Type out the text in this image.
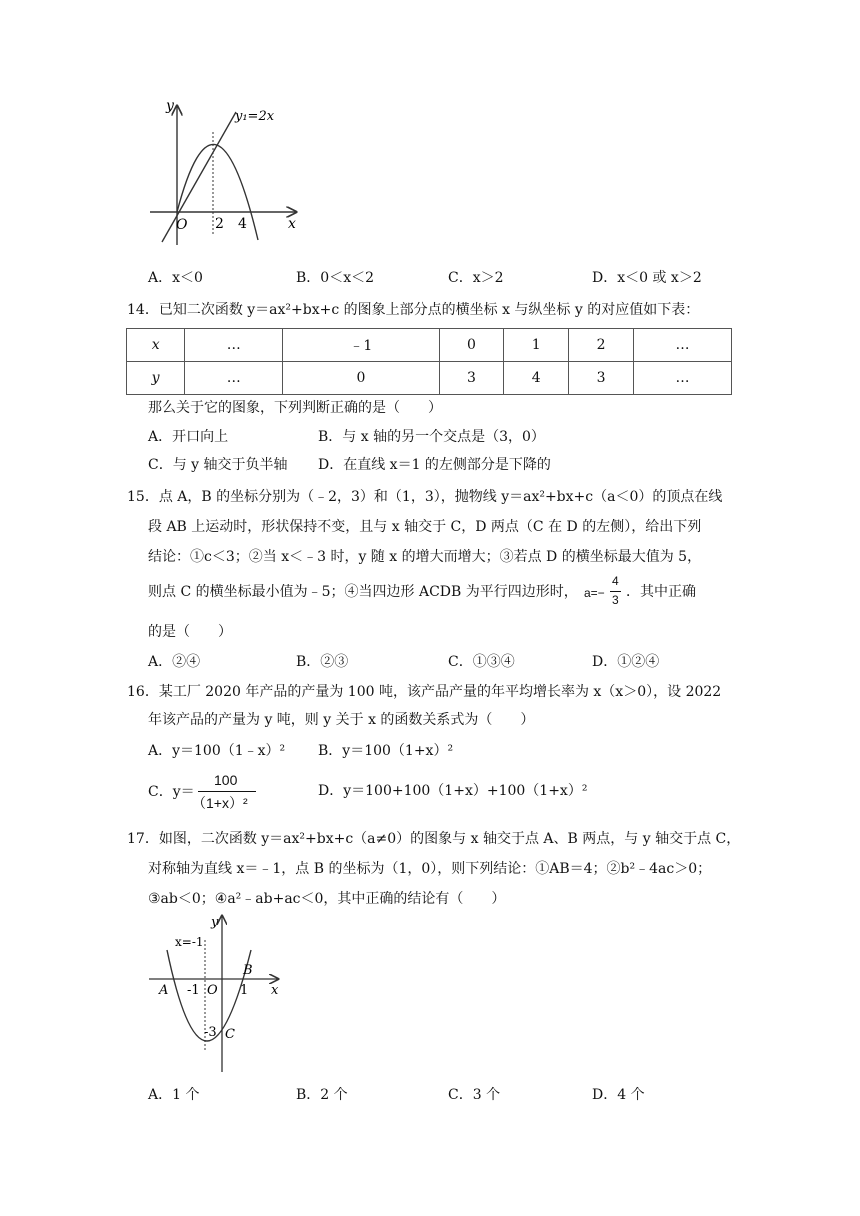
y
y₁=2x
O 2 4	x
A．x＜0	B．0＜x＜2	C．x＞2	D．x＜0 或 x＞2
14．已知二次函数 y＝ax²+bx+c 的图象上部分点的横坐标 x 与纵坐标 y 的对应值如下表：
x	…	﹣1	0	1	2	…
y	…	0	3	4	3	…
那么关于它的图象，下列判断正确的是（　　）
A．开口向上	B．与 x 轴的另一个交点是（3，0）
C．与 y 轴交于负半轴 D．在直线 x＝1 的左侧部分是下降的
15．点 A，B 的坐标分别为（﹣2，3）和（1，3），抛物线 y＝ax²+bx+c（a＜0）的顶点在线
段 AB 上运动时，形状保持不变，且与 x 轴交于 C，D 两点（C 在 D 的左侧），给出下列
结论：①c＜3；②当 x＜﹣3 时，y 随 x 的增大而增大；③若点 D 的横坐标最大值为 5，
则点 C 的横坐标最小值为﹣5；④当四边形 ACDB 为平行四边形时， a=−
4
3 ．其中正确
的是（　　）
A．②④	B．②③	C．①③④	D．①②④
16．某工厂 2020 年产品的产量为 100 吨，该产品产量的年平均增长率为 x（x＞0），设 2022
年该产品的产量为 y 吨，则 y 关于 x 的函数关系式为（　　）
A．y＝100（1﹣x）² B．y＝100（1+x）²
C．y＝
100
（1+x）²
D．y＝100+100（1+x）+100（1+x）²
17．如图，二次函数 y＝ax²+bx+c（a≠0）的图象与 x 轴交于点 A、B 两点，与 y 轴交于点 C，
对称轴为直线 x＝﹣1，点 B 的坐标为（1，0），则下列结论：①AB＝4；②b²﹣4ac＞0；
③ab＜0；④a²﹣ab+ac＜0，其中正确的结论有（　　）
x=-1
y
B
A -1 O 1 x
-3 C
A．1 个	B．2 个	C．3 个	D．4 个
